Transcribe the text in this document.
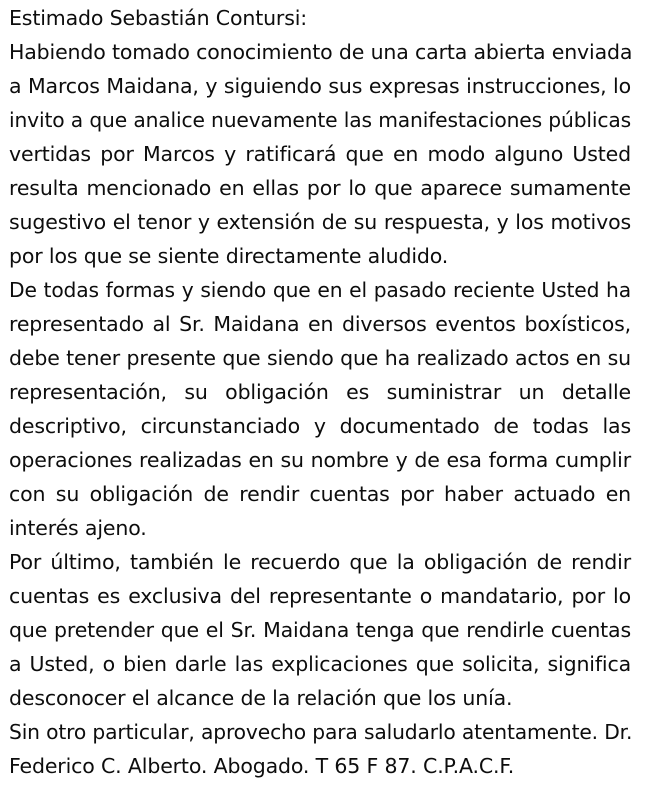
Estimado Sebastián Contursi:
Habiendo tomado conocimiento de una carta abierta enviada
a Marcos Maidana, y siguiendo sus expresas instrucciones, lo
invito a que analice nuevamente las manifestaciones públicas
vertidas por Marcos y ratificará que en modo alguno Usted
resulta mencionado en ellas por lo que aparece sumamente
sugestivo el tenor y extensión de su respuesta, y los motivos
por los que se siente directamente aludido.
De todas formas y siendo que en el pasado reciente Usted ha
representado al Sr. Maidana en diversos eventos boxísticos,
debe tener presente que siendo que ha realizado actos en su
representación, su obligación es suministrar un detalle
descriptivo, circunstanciado y documentado de todas las
operaciones realizadas en su nombre y de esa forma cumplir
con su obligación de rendir cuentas por haber actuado en
interés ajeno.
Por último, también le recuerdo que la obligación de rendir
cuentas es exclusiva del representante o mandatario, por lo
que pretender que el Sr. Maidana tenga que rendirle cuentas
a Usted, o bien darle las explicaciones que solicita, significa
desconocer el alcance de la relación que los unía.
Sin otro particular, aprovecho para saludarlo atentamente. Dr.
Federico C. Alberto. Abogado. T 65 F 87. C.P.A.C.F.
